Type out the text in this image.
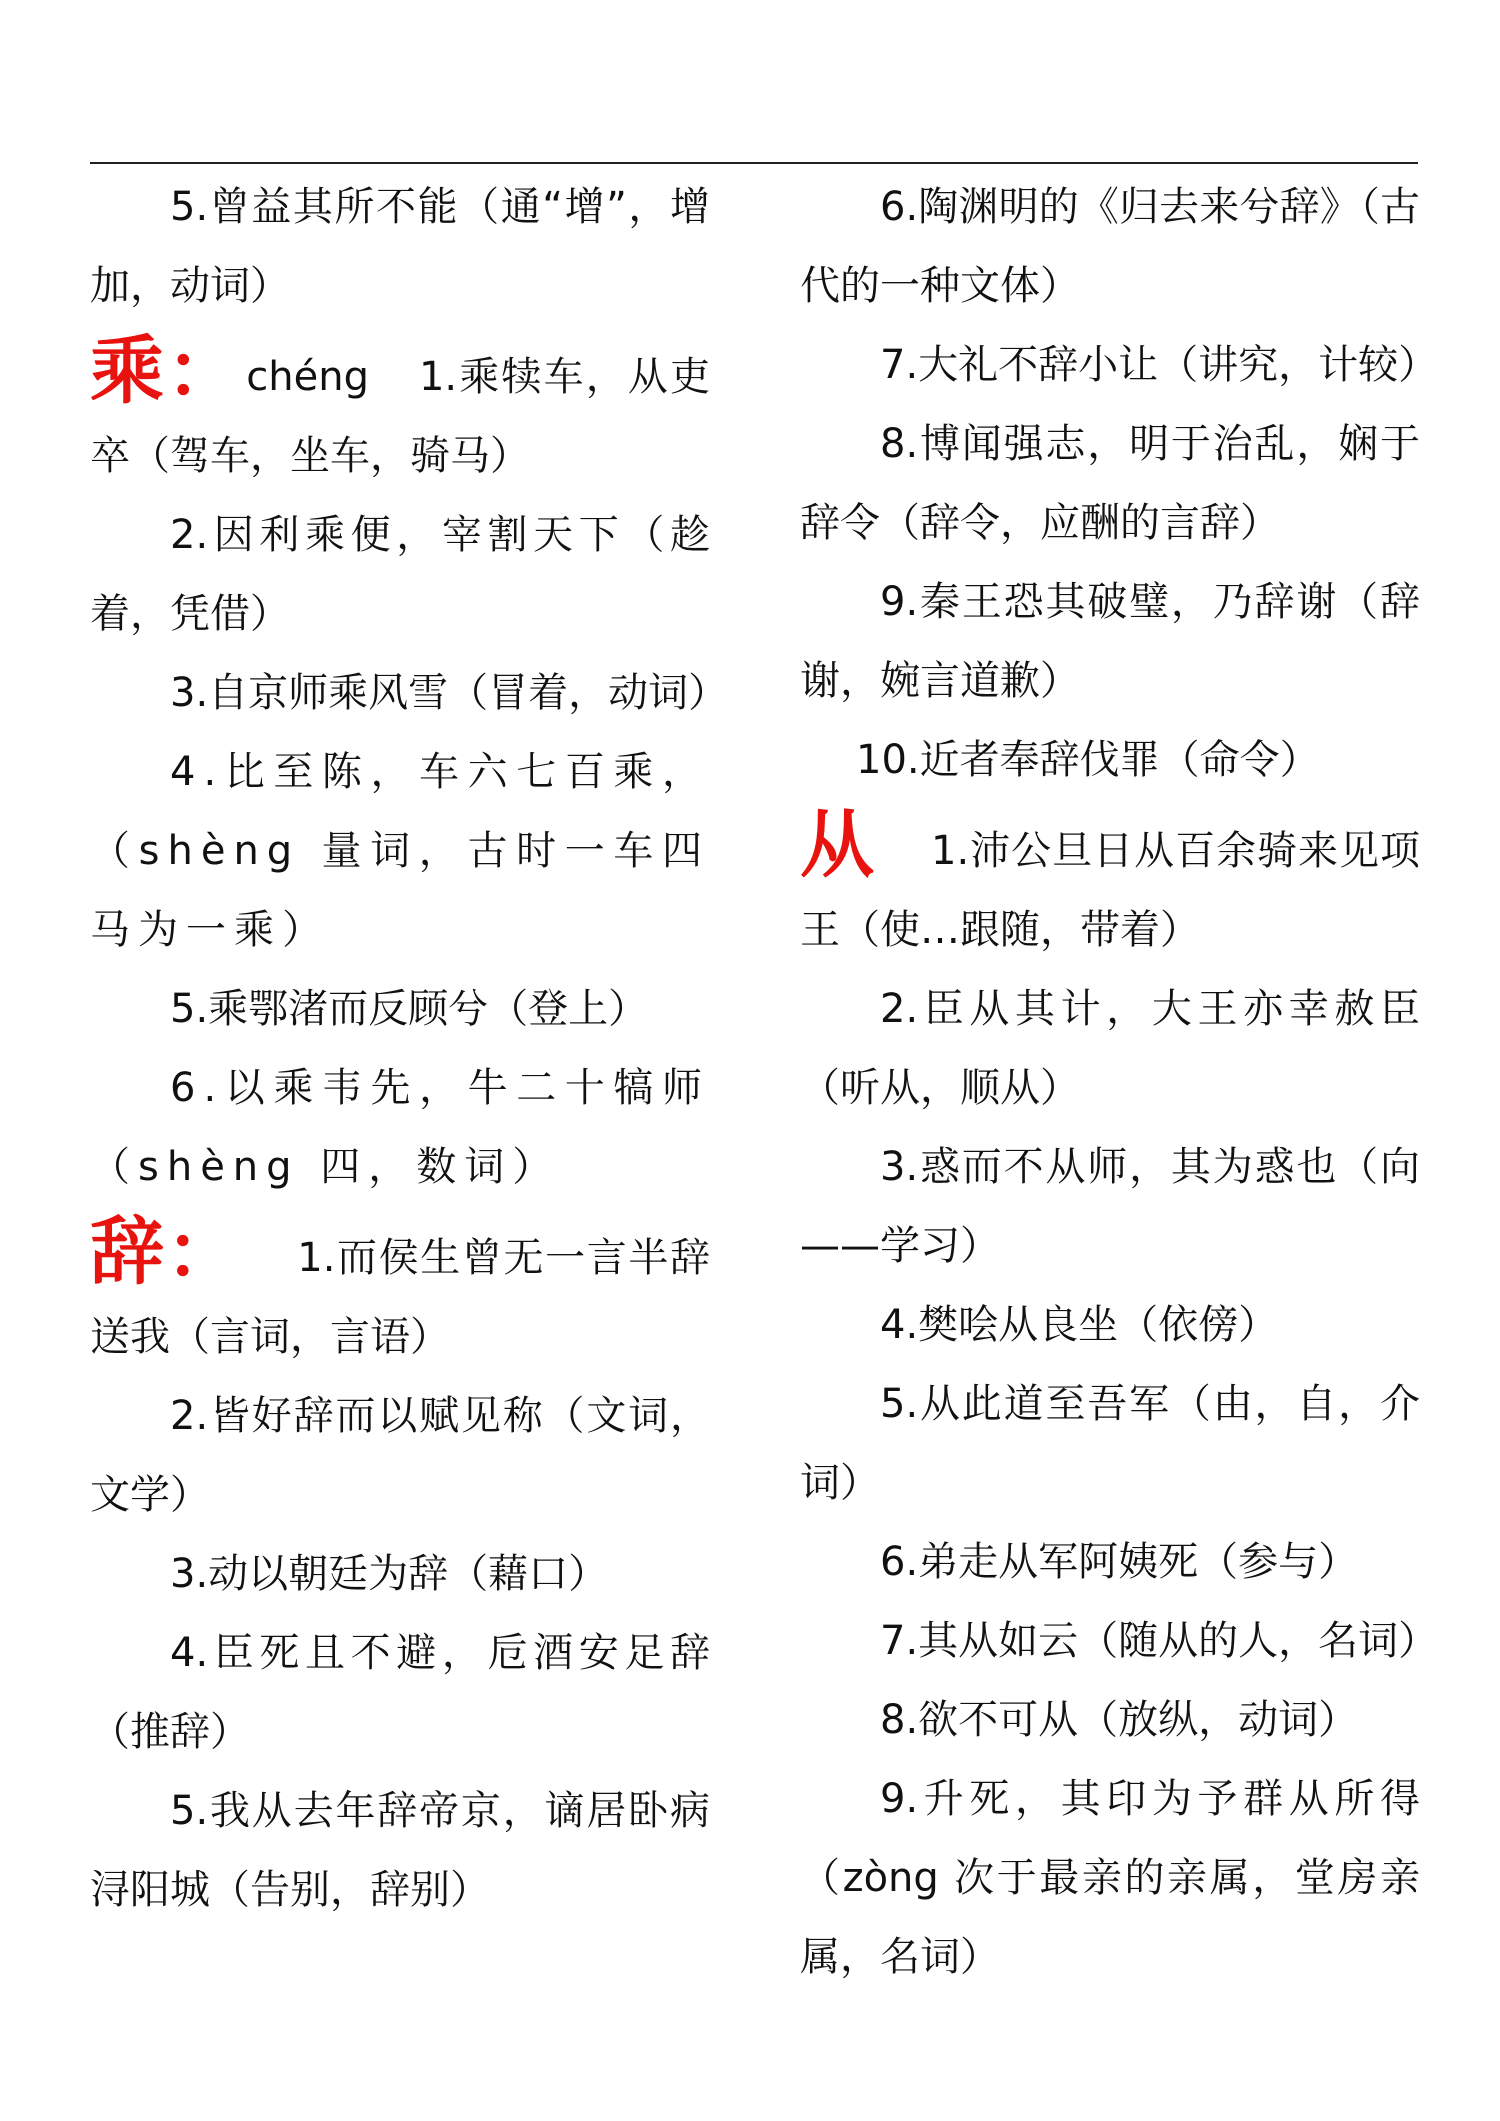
5.曾益其所不能（通“增”，增加，动词）

乘： chéng 1.乘犊车，从吏卒（驾车，坐车，骑马）

2.因利乘便，宰割天下（趁着，凭借）

3.自京师乘风雪（冒着，动词）

4.比至陈，车六七百乘，（shèng 量词，古时一车四马为一乘）

5.乘鄂渚而反顾兮（登上）

6.以乘韦先，牛二十犒师（shèng 四，数词）

辞： 1.而侯生曾无一言半辞送我（言词，言语）

2.皆好辞而以赋见称（文词，文学）

3.动以朝廷为辞（藉口）

4.臣死且不避，卮酒安足辞（推辞）

5.我从去年辞帝京，谪居卧病浔阳城（告别，辞别）

6.陶渊明的《归去来兮辞》（古代的一种文体）

7.大礼不辞小让（讲究，计较）

8.博闻强志，明于治乱，娴于辞令（辞令，应酬的言辞）

9.秦王恐其破璧，乃辞谢（辞谢，婉言道歉）

10.近者奉辞伐罪（命令）

从 1.沛公旦日从百余骑来见项王（使…跟随，带着）

2.臣从其计，大王亦幸赦臣（听从，顺从）

3.惑而不从师，其为惑也（向——学习）

4.樊哙从良坐（依傍）

5.从此道至吾军（由，自，介词）

6.弟走从军阿姨死（参与）

7.其从如云（随从的人，名词）

8.欲不可从（放纵，动词）

9.升死，其印为予群从所得（zòng 次于最亲的亲属，堂房亲属，名词）
